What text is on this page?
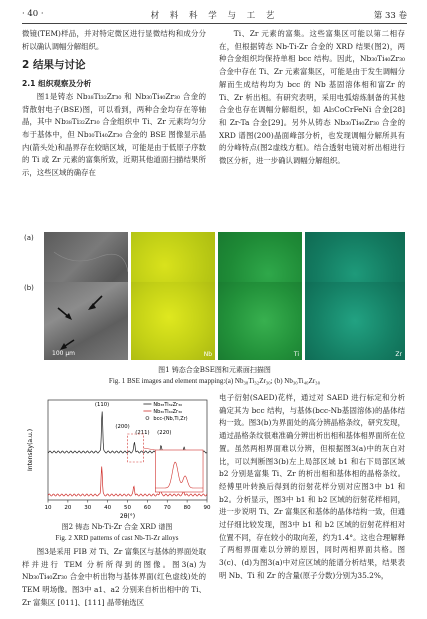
· 40 ·	材 料 科 学 与 工 艺	第 33 卷

微镜(TEM)样品，并对特定微区进行显微结构和成分分析以确认调幅分解组织。

2 结果与讨论

2.1 组织观察及分析

图1是铸态 Nb₃₈Ti₃₂Zr₃₀ 和 Nb₃₀Ti₄₀Zr₃₀ 合金的背散射电子(BSE)图，可以看到，两种合金均存在等轴晶，其中 Nb₃₈Ti₃₂Zr₃₀ 合金组织中 Ti、Zr 元素均匀分布于基体中，但 Nb₃₀Ti₄₀Zr₃₀ 合金的 BSE 图像显示晶内(箭头处)和晶界存在较暗区域，可能是由于低原子序数的 Ti 或 Zr 元素的富集所致，近期其他道面扫描结果所示，这些区域的确存在

Ti、Zr 元素的富集。这些富集区可能以第二相存在，但根据铸态 Nb-Ti-Zr 合金的 XRD 结果(图2)，两种合金组织均保持单相 bcc 结构。因此，Nb₃₀Ti₄₀Zr₃₀ 合金中存在 Ti、Zr 元素富集区，可能是由于发生调幅分解而生成结构均为 bcc 的 Nb 基固溶体相和富Zr 的 Ti、Zr 析出相。有研究表明，采用电弧熔炼制备的其他合金也存在调幅分解组织，如 Al₅CoCrFeNi 合金[28] 和 Zr-Ta 合金[29]。另外从铸态 Nb₃₀Ti₄₀Zr₃₀ 合金的 XRD 谱图(200)晶面峰部分析，也发现调幅分解所具有的分峰特点(图2虚线方框)。结合透射电镜对析出相进行微区分析，进一步确认调幅分解组织。

(a)
(b)
100 μm	Nb	Ti	Zr
图1 铸态合金BSE图和元素面扫描图
Fig. 1 BSE images and element mapping:(a) Nb₃₈Ti₃₂Zr₃₀; (b) Nb₃₀Ti₄₀Zr₃₀
10 20 30 40 50 60 70 80 90
2θ(°)
Intensity(a.u.)
(110)
(200)
(211) (220)
Nb₃₈Ti₃₂Zr₃₀
Nb₃₀Ti₄₀Zr₃₀
bcc-(Nb,Ti,Zr)
图2 铸态 Nb-Ti-Zr 合金 XRD 谱图
Fig. 2 XRD patterns of cast Nb-Ti-Zr alloys

图3是采用 FIB 对 Ti、Zr 富集区与基体的界面处取样并进行 TEM 分析所得到的图像。图3(a)为 Nb₃₀Ti₄₀Zr₃₀ 合金中析出物与基体界面(红色虚线)处的 TEM 明场像。图3中 a1、a2 分别来自析出相中的 Ti、Zr 富集区 [011]、[111] 晶带轴选区

电子衍射(SAED)花样，通过对 SAED 进行标定和分析确定其为 bcc 结构，与基体(bcc-Nb基固溶体)的晶体结构一致。图3(b)为界面处的高分辨晶格条纹，研究发现，通过晶格条纹很难准确分辨出析出相和基体相界面所在位置。虽然两相界面难以分辨，但根据图3(a)中的灰白对比，可以判断图3(b)左上局部区域 b1 和右下局部区域 b2 分别是富集 Ti、Zr 的析出相和基体相的晶格条纹。经傅里叶转换后得到的衍射花样分别对应图3中 b1 和 b2。分析显示，图3中 b1 和 b2 区域的衍射花样相同，进一步说明 Ti、Zr 富集区和基体的晶体结构一致，但通过仔细比较发现，图3中 b1 和 b2 区域的衍射花样相对位置不同，存在较小的取向差，约为1.4°。这也合理解释了两相界面难以分辨的原因，同时两相界面共格。图3(c)、(d)为图3(a)中对应区域的能谱分析结果，结果表明 Nb、Ti 和 Zr 的含量(原子分数)分别为35.2%，
